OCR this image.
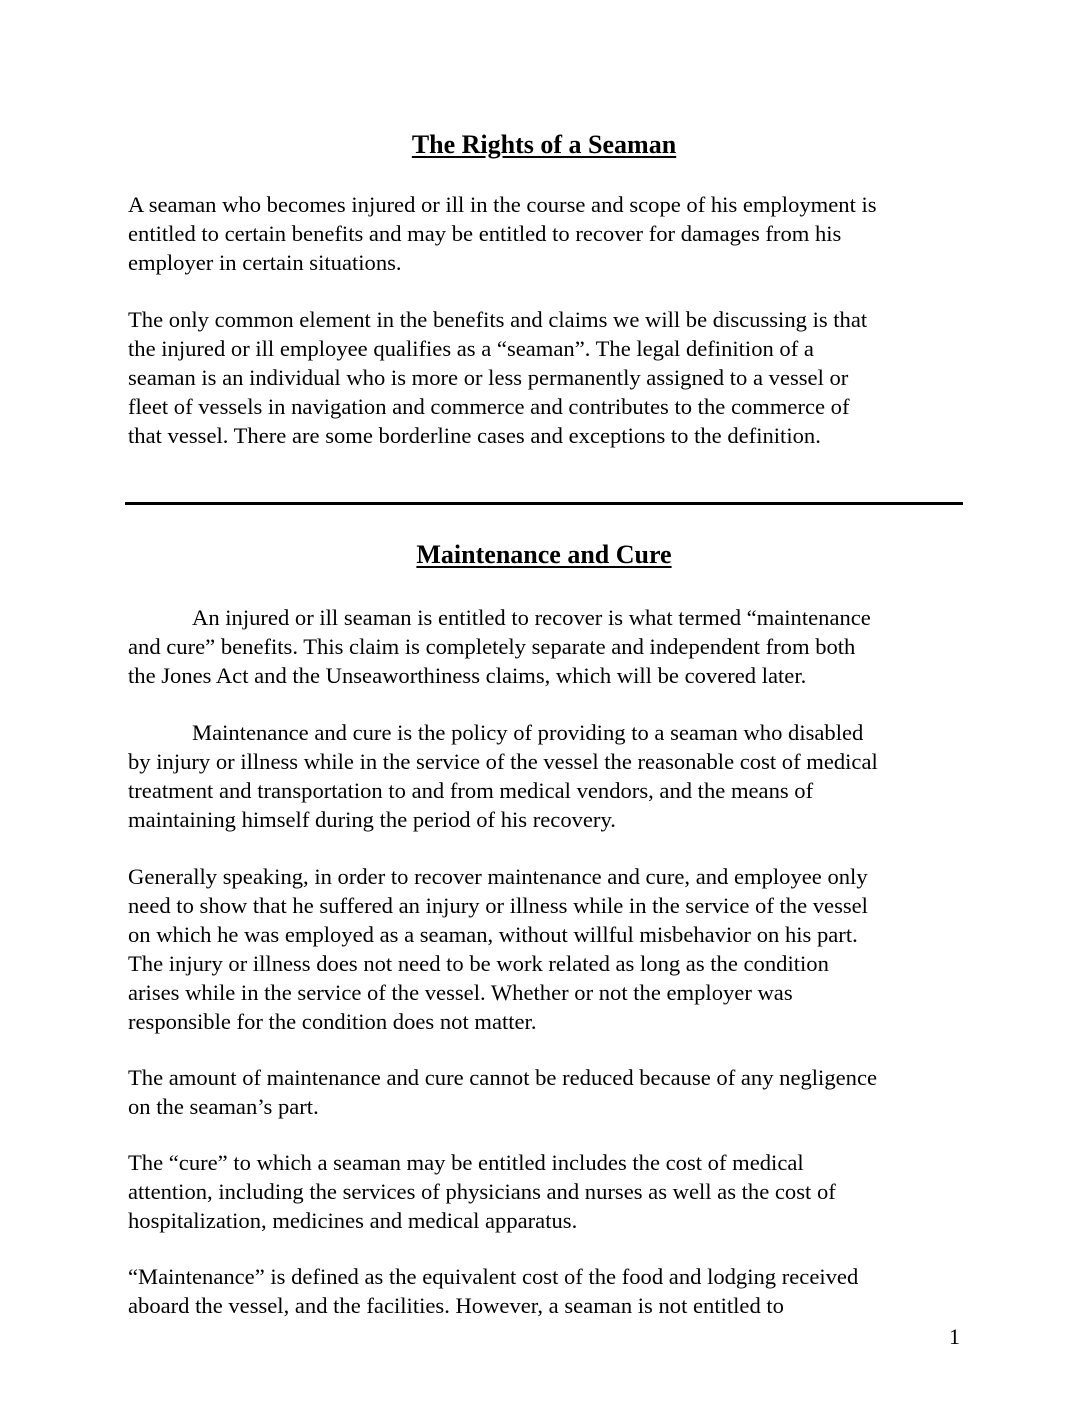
The Rights of a Seaman

A seaman who becomes injured or ill in the course and scope of his employment is
entitled to certain benefits and may be entitled to recover for damages from his
employer in certain situations.

The only common element in the benefits and claims we will be discussing is that
the injured or ill employee qualifies as a “seaman”. The legal definition of a
seaman is an individual who is more or less permanently assigned to a vessel or
fleet of vessels in navigation and commerce and contributes to the commerce of
that vessel. There are some borderline cases and exceptions to the definition.

Maintenance and Cure

An injured or ill seaman is entitled to recover is what termed “maintenance
and cure” benefits. This claim is completely separate and independent from both
the Jones Act and the Unseaworthiness claims, which will be covered later.

Maintenance and cure is the policy of providing to a seaman who disabled
by injury or illness while in the service of the vessel the reasonable cost of medical
treatment and transportation to and from medical vendors, and the means of
maintaining himself during the period of his recovery.

Generally speaking, in order to recover maintenance and cure, and employee only
need to show that he suffered an injury or illness while in the service of the vessel
on which he was employed as a seaman, without willful misbehavior on his part.
The injury or illness does not need to be work related as long as the condition
arises while in the service of the vessel. Whether or not the employer was
responsible for the condition does not matter.

The amount of maintenance and cure cannot be reduced because of any negligence
on the seaman’s part.

The “cure” to which a seaman may be entitled includes the cost of medical
attention, including the services of physicians and nurses as well as the cost of
hospitalization, medicines and medical apparatus.

“Maintenance” is defined as the equivalent cost of the food and lodging received
aboard the vessel, and the facilities. However, a seaman is not entitled to

1
